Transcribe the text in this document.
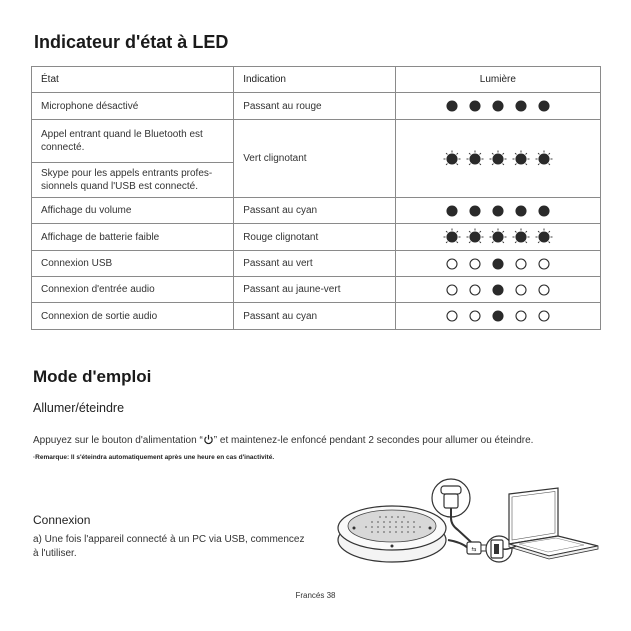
Indicateur d'état à LED
État	Indication	Lumière
Microphone désactivé	Passant au rouge	

Appel entrant quand le Bluetooth est connecté.	Vert clignotant	

Skype pour les appels entrants profes-sionnels quand l'USB est connecté.		
Affichage du volume	Passant au cyan	

Affichage de batterie faible	Rouge clignotant	

Connexion USB	Passant au vert	

Connexion d'entrée audio	Passant au jaune-vert	

Connexion de sortie audio	Passant au cyan	
Mode d'emploi
Allumer/éteindre
Appuyez sur le bouton d'alimentation “ ” et maintenez-le enfoncé pendant 2 secondes pour allumer ou éteindre.
·Remarque: Il s'éteindra automatiquement après une heure en cas d'inactivité.
Connexion
a) Une fois l'appareil connecté à un PC via USB, commencez
à l'utiliser.	⇆
Francés 38
